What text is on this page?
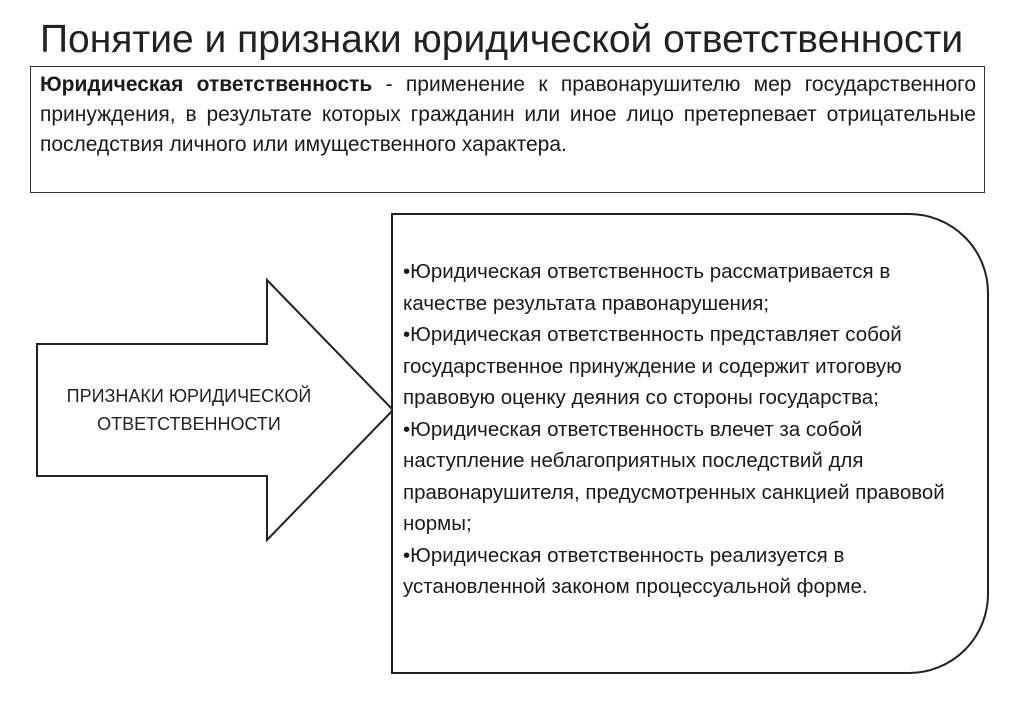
Понятие и признаки юридической ответственности
Юридическая ответственность - применение к правонарушителю мер государственного принуждения, в результате которых гражданин или иное лицо претерпевает отрицательные последствия личного или имущественного характера.
ПРИЗНАКИ ЮРИДИЧЕСКОЙ
ОТВЕТСТВЕННОСТИ
•Юридическая ответственность рассматривается в качестве результата правонарушения;
•Юридическая ответственность представляет собой государственное принуждение и содержит итоговую правовую оценку деяния со стороны государства;
•Юридическая ответственность влечет за собой наступление неблагоприятных последствий для правонарушителя, предусмотренных санкцией правовой нормы;
•Юридическая ответственность реализуется в установленной законом процессуальной форме.
